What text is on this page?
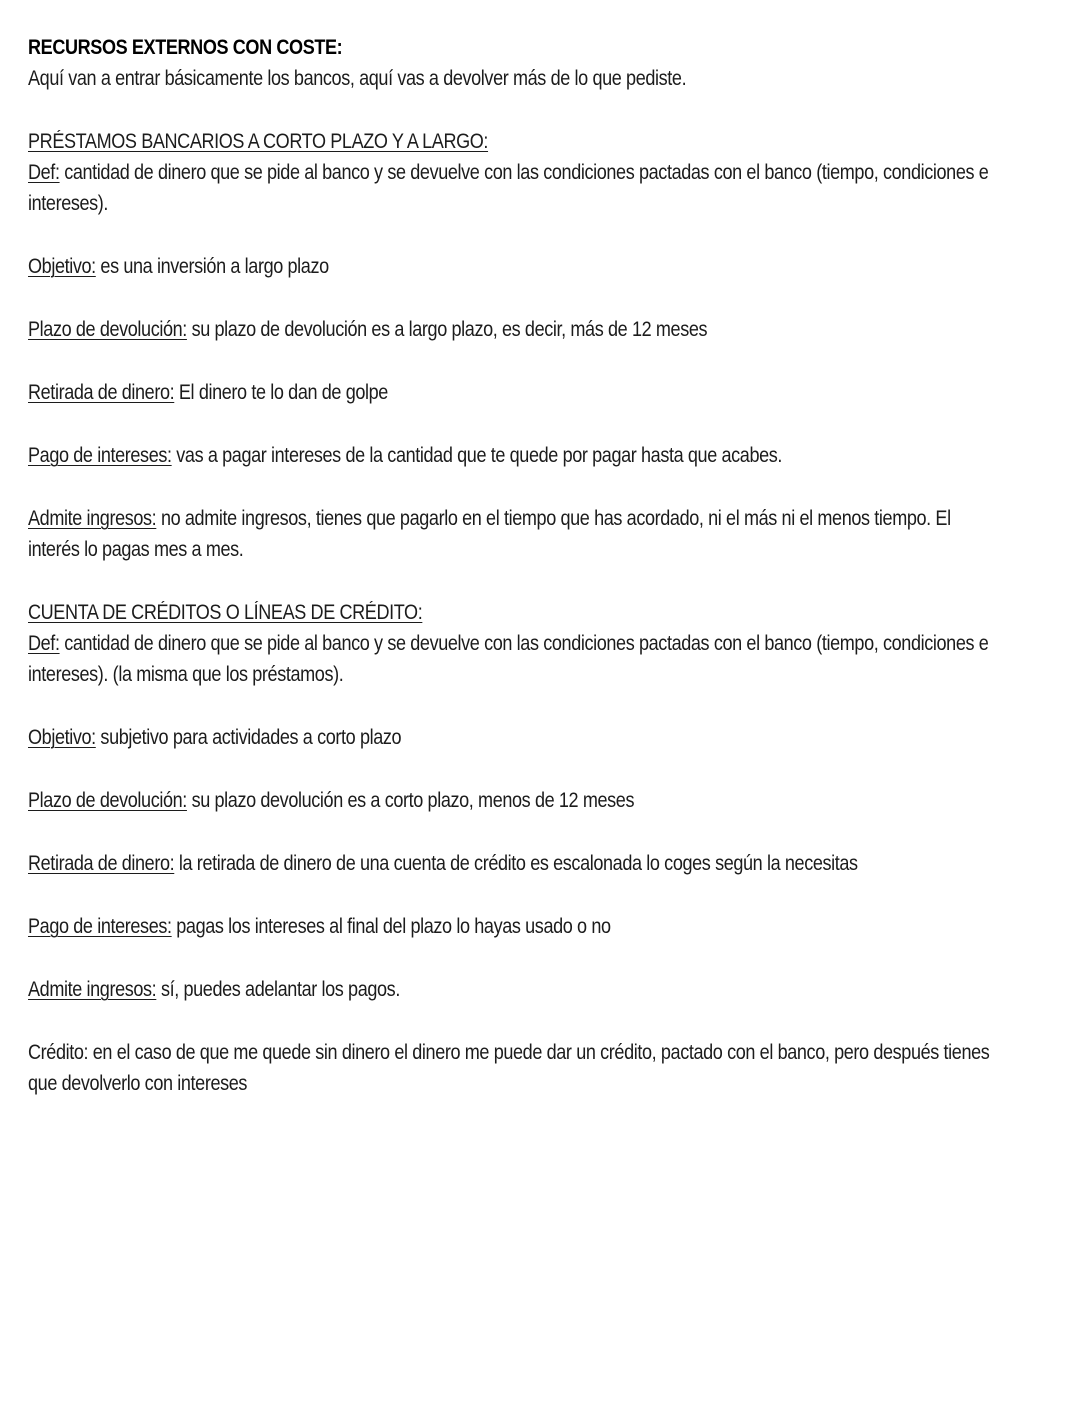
RECURSOS EXTERNOS CON COSTE:

Aquí van a entrar básicamente los bancos, aquí vas a devolver más de lo que pediste.

PRÉSTAMOS BANCARIOS A CORTO PLAZO Y A LARGO:

Def: cantidad de dinero que se pide al banco y se devuelve con las condiciones pactadas con el banco (tiempo, condiciones e

intereses).

Objetivo: es una inversión a largo plazo

Plazo de devolución: su plazo de devolución es a largo plazo, es decir, más de 12 meses

Retirada de dinero: El dinero te lo dan de golpe

Pago de intereses: vas a pagar intereses de la cantidad que te quede por pagar hasta que acabes.

Admite ingresos: no admite ingresos, tienes que pagarlo en el tiempo que has acordado, ni el más ni el menos tiempo. El

interés lo pagas mes a mes.

CUENTA DE CRÉDITOS O LÍNEAS DE CRÉDITO:

Def: cantidad de dinero que se pide al banco y se devuelve con las condiciones pactadas con el banco (tiempo, condiciones e

intereses). (la misma que los préstamos).

Objetivo: subjetivo para actividades a corto plazo

Plazo de devolución: su plazo devolución es a corto plazo, menos de 12 meses

Retirada de dinero: la retirada de dinero de una cuenta de crédito es escalonada lo coges según la necesitas

Pago de intereses: pagas los intereses al final del plazo lo hayas usado o no

Admite ingresos: sí, puedes adelantar los pagos.

Crédito: en el caso de que me quede sin dinero el dinero me puede dar un crédito, pactado con el banco, pero después tienes

que devolverlo con intereses
